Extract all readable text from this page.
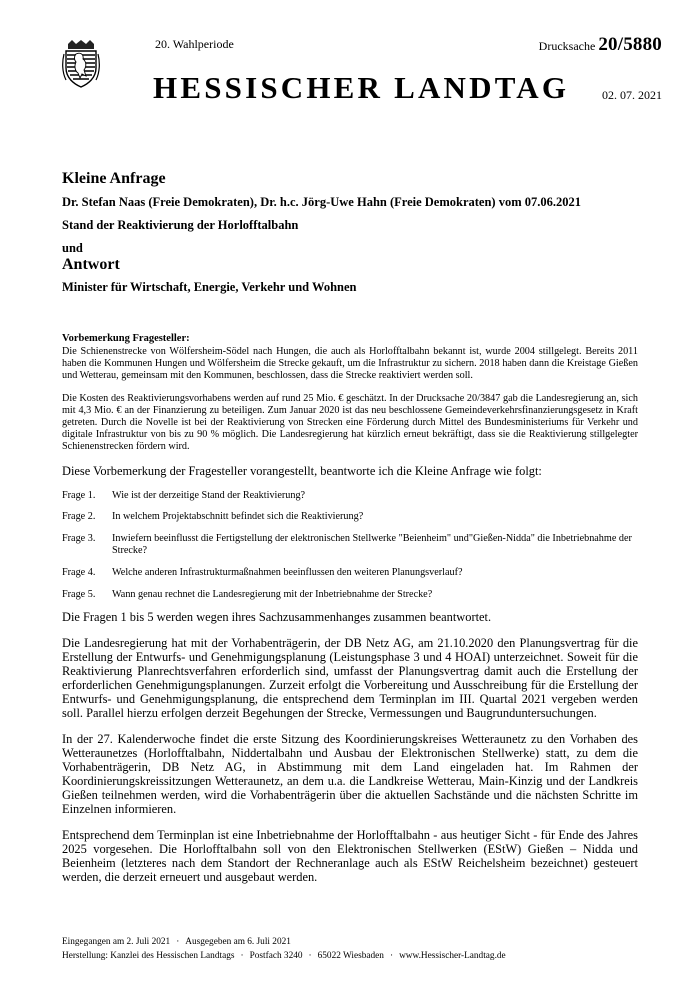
20. Wahlperiode	Drucksache 20/5880
HESSISCHER LANDTAG	02. 07. 2021
Kleine Anfrage
Dr. Stefan Naas (Freie Demokraten), Dr. h.c. Jörg-Uwe Hahn (Freie Demokraten) vom 07.06.2021
Stand der Reaktivierung der Horlofftalbahn
und
Antwort
Minister für Wirtschaft, Energie, Verkehr und Wohnen
Vorbemerkung Fragesteller:

Die Schienenstrecke von Wölfersheim-Södel nach Hungen, die auch als Horlofftalbahn bekannt ist, wurde 2004 stillgelegt. Bereits 2011 haben die Kommunen Hungen und Wölfersheim die Strecke gekauft, um die Infrastruktur zu sichern. 2018 haben dann die Kreistage Gießen und Wetterau, gemeinsam mit den Kommunen, beschlossen, dass die Strecke reaktiviert werden soll.

Die Kosten des Reaktivierungsvorhabens werden auf rund 25 Mio. € geschätzt. In der Drucksache 20/3847 gab die Landesregierung an, sich mit 4,3 Mio. € an der Finanzierung zu beteiligen. Zum Januar 2020 ist das neu beschlossene Gemeindeverkehrsfinanzierungsgesetz in Kraft getreten. Durch die Novelle ist bei der Reaktivierung von Strecken eine Förderung durch Mittel des Bundesministeriums für Verkehr und digitale Infrastruktur von bis zu 90 % möglich. Die Landesregierung hat kürzlich erneut bekräftigt, dass sie die Reaktivierung stillgelegter Schienenstrecken fördern wird.

Diese Vorbemerkung der Fragesteller vorangestellt, beantworte ich die Kleine Anfrage wie folgt:

Frage 1.	Wie ist der derzeitige Stand der Reaktivierung?
Frage 2.	In welchem Projektabschnitt befindet sich die Reaktivierung?
Frage 3.	Inwiefern beeinflusst die Fertigstellung der elektronischen Stellwerke "Beienheim" und"Gießen-Nidda" die Inbetriebnahme der Strecke?
Frage 4.	Welche anderen Infrastrukturmaßnahmen beeinflussen den weiteren Planungsverlauf?
Frage 5.	Wann genau rechnet die Landesregierung mit der Inbetriebnahme der Strecke?

Die Fragen 1 bis 5 werden wegen ihres Sachzusammenhanges zusammen beantwortet.

Die Landesregierung hat mit der Vorhabenträgerin, der DB Netz AG, am 21.10.2020 den Planungsvertrag für die Erstellung der Entwurfs- und Genehmigungsplanung (Leistungsphase 3 und 4 HOAI) unterzeichnet. Soweit für die Reaktivierung Planrechtsverfahren erforderlich sind, umfasst der Planungsvertrag damit auch die Erstellung der erforderlichen Genehmigungsplanungen. Zurzeit erfolgt die Vorbereitung und Ausschreibung für die Erstellung der Entwurfs- und Genehmigungsplanung, die entsprechend dem Terminplan im III. Quartal 2021 vergeben werden soll. Parallel hierzu erfolgen derzeit Begehungen der Strecke, Vermessungen und Baugrunduntersuchungen.

In der 27. Kalenderwoche findet die erste Sitzung des Koordinierungskreises Wetteraunetz zu den Vorhaben des Wetteraunetzes (Horlofftalbahn, Niddertalbahn und Ausbau der Elektronischen Stellwerke) statt, zu dem die Vorhabenträgerin, DB Netz AG, in Abstimmung mit dem Land eingeladen hat. Im Rahmen der Koordinierungskreissitzungen Wetteraunetz, an dem u.a. die Landkreise Wetterau, Main-Kinzig und der Landkreis Gießen teilnehmen werden, wird die Vorhabenträgerin über die aktuellen Sachstände und die nächsten Schritte im Einzelnen informieren.

Entsprechend dem Terminplan ist eine Inbetriebnahme der Horlofftalbahn - aus heutiger Sicht - für Ende des Jahres 2025 vorgesehen. Die Horlofftalbahn soll von den Elektronischen Stellwerken (EStW) Gießen – Nidda und Beienheim (letzteres nach dem Standort der Rechneranlage auch als EStW Reichelsheim bezeichnet) gesteuert werden, die derzeit erneuert und ausgebaut werden.

Eingegangen am 2. Juli 2021 · Ausgegeben am 6. Juli 2021
Herstellung: Kanzlei des Hessischen Landtags · Postfach 3240 · 65022 Wiesbaden · www.Hessischer-Landtag.de
